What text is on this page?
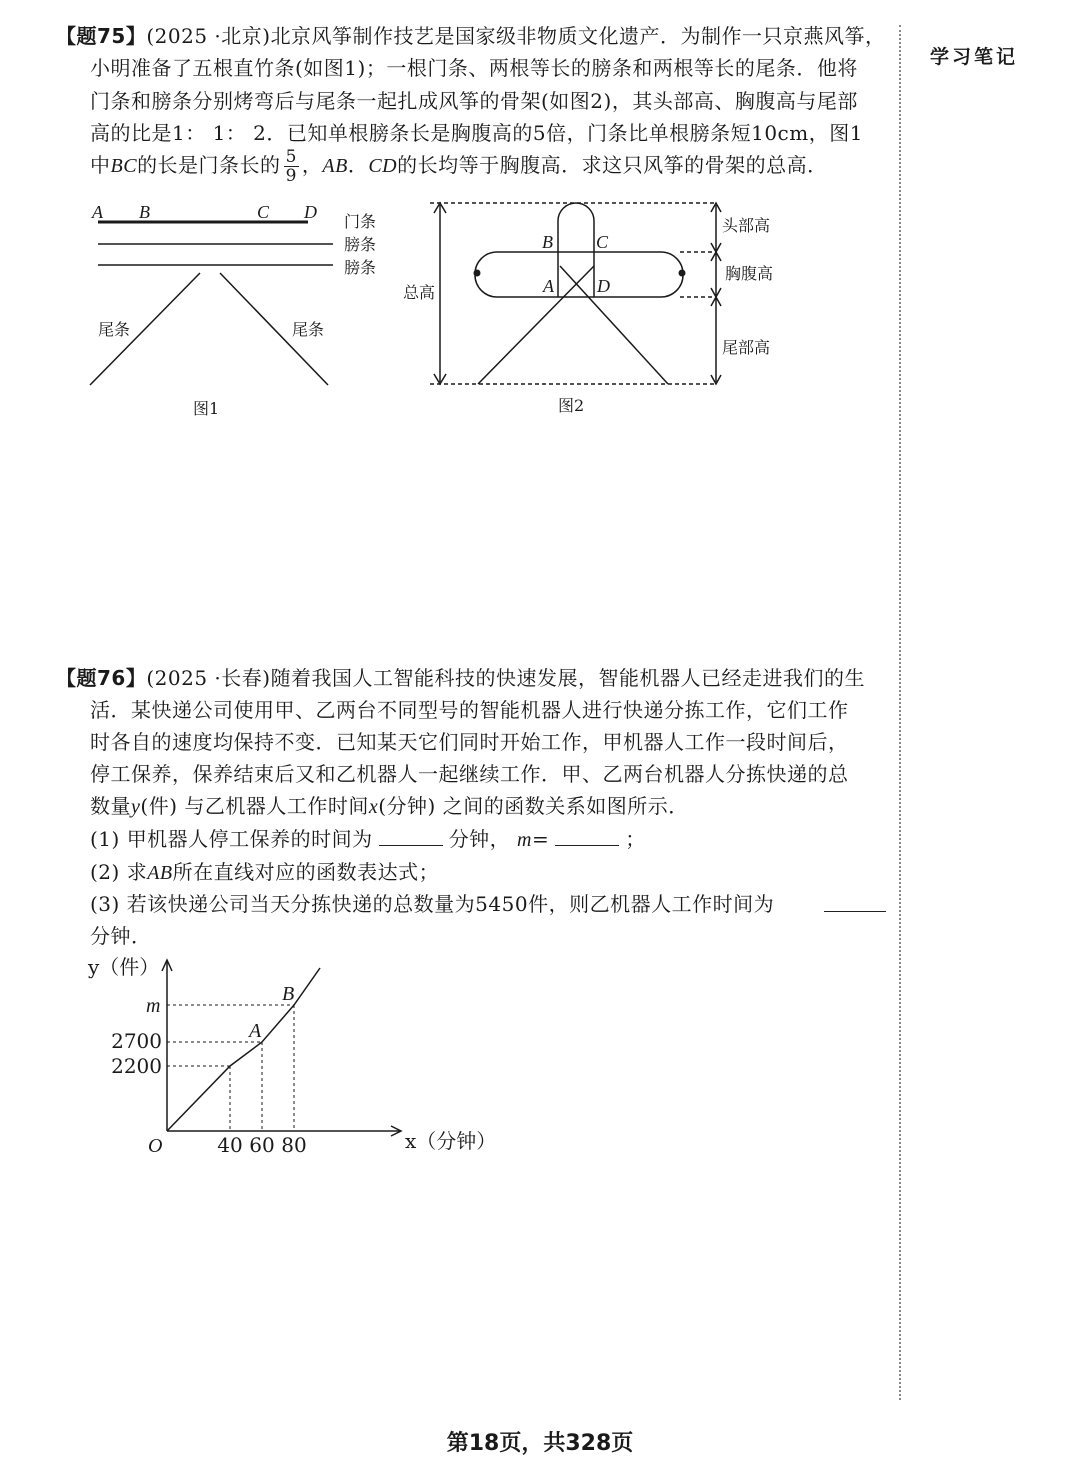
学习笔记
【题75】(2025 ·北京)北京风筝制作技艺是国家级非物质文化遗产．为制作一只京燕风筝，
小明准备了五根直竹条(如图1)；一根门条、两根等长的膀条和两根等长的尾条．他将
门条和膀条分别烤弯后与尾条一起扎成风筝的骨架(如图2)，其头部高、胸腹高与尾部
高的比是1： 1： 2．已知单根膀条长是胸腹高的5倍，门条比单根膀条短10cm，图1
中BC的长是门条长的 $\frac{5}{9}$ ，AB．CD的长均等于胸腹高．求这只风筝的骨架的总高．
A B	C D 门条
膀条
膀条
尾条	尾条
图1
B C
A D
总高
头部高
胸腹高
尾部高
图2
y（件）
x（分钟）
O	40 60 80
2700
2200
m
A
B
【题76】(2025 ·长春)随着我国人工智能科技的快速发展，智能机器人已经走进我们的生
活．某快递公司使用甲、乙两台不同型号的智能机器人进行快递分拣工作，它们工作
时各自的速度均保持不变．已知某天它们同时开始工作，甲机器人工作一段时间后，
停工保养，保养结束后又和乙机器人一起继续工作．甲、乙两台机器人分拣快递的总
数量y(件) 与乙机器人工作时间x(分钟) 之间的函数关系如图所示．
(1) 甲机器人停工保养的时间为	分钟， m=	；
(2) 求AB所在直线对应的函数表达式；
(3) 若该快递公司当天分拣快递的总数量为5450件，则乙机器人工作时间为
分钟．
第18页，共328页
